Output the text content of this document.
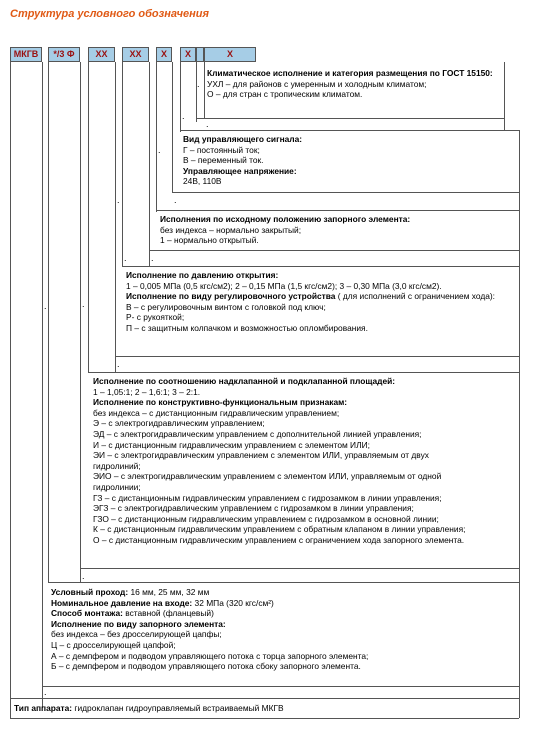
Структура условного обозначения
МКГВ	*/3 Ф	ХХ	ХХ	Х	Х	Х
.
.
.
.
.
.
.
.
.
.
.
.
.
Климатическое исполнение и категория размещения по ГОСТ 15150:
УХЛ – для районов с умеренным и холодным климатом;
О – для стран с тропическим климатом.
Вид управляющего сигнала:
Г – постоянный ток;
В – переменный ток.
Управляющее напряжение:
24В, 110В
Исполнения по исходному положению запорного элемента:
без индекса – нормально закрытый;
1 – нормально открытый.
Исполнение по давлению открытия:
1 – 0,005 МПа (0,5 кгс/см2); 2 – 0,15 МПа (1,5 кгс/см2); 3 – 0,30 МПа (3,0 кгс/см2).
Исполнение по виду регулировочного устройства ( для исполнений с ограничением хода):
В – с регулировочным винтом с головкой под ключ;
Р- с рукояткой;
П – с защитным колпачком и возможностью опломбирования.
Исполнение по соотношению надклапанной и подклапанной площадей:
1 – 1,05:1; 2 – 1,6:1; 3 – 2:1.
Исполнение по конструктивно-функциональным признакам:
без индекса – с дистанционным гидравлическим управлением;
Э – с электрогидравлическим управлением;
ЭД – с электрогидравлическим управлением с дополнительной линией управления;
И – с дистанционным гидравлическим управлением с элементом ИЛИ;
ЭИ – с электрогидравлическим управлением с элементом ИЛИ, управляемым от двух
гидролиний;
ЭИО – с электрогидравлическим управлением с элементом ИЛИ, управляемым от одной
гидролинии;
ГЗ – с дистанционным гидравлическим управлением с гидрозамком в линии управления;
ЭГЗ – с электрогидравлическим управлением с гидрозамком в линии управления;
ГЗО – с дистанционным гидравлическим управлением с гидрозамком в основной линии;
К – с дистанционным гидравлическим управлением с обратным клапаном в линии управления;
О – с дистанционным гидравлическим управлением с ограничением хода запорного элемента.
Условный проход: 16 мм, 25 мм, 32 мм
Номинальное давление на входе: 32 МПа (320 кгс/см²)
Способ монтажа: вставной (фланцевый)
Исполнение по виду запорного элемента:
без индекса – без дросселирующей цапфы;
Ц – с дросселирующей цапфой;
А – с демпфером и подводом управляющего потока с торца запорного элемента;
Б – с демпфером и подводом управляющего потока сбоку запорного элемента.
Тип аппарата: гидроклапан гидроуправляемый встраиваемый МКГВ
